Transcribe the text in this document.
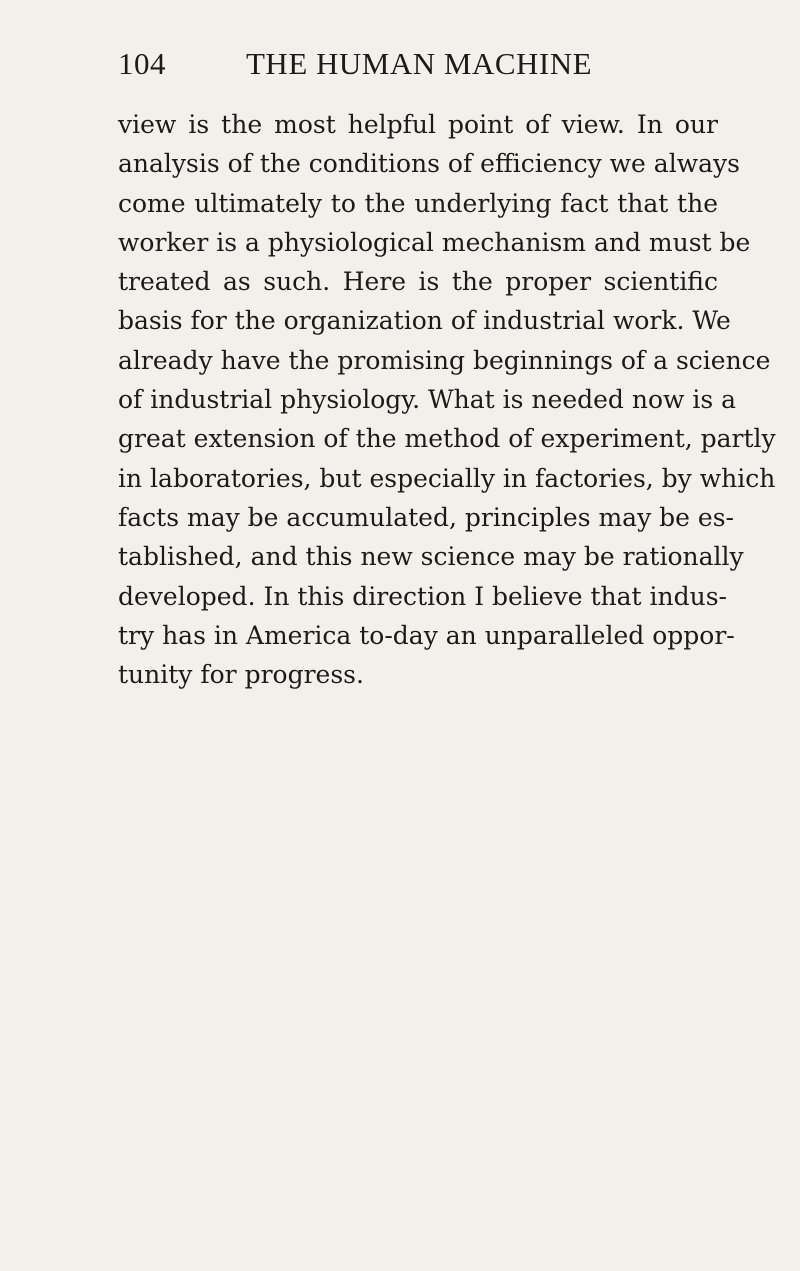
104	THE HUMAN MACHINE
view is the most helpful point of view. In our
analysis of the conditions of efficiency we always
come ultimately to the underlying fact that the
worker is a physiological mechanism and must be
treated as such. Here is the proper scientific
basis for the organization of industrial work. We
already have the promising beginnings of a science
of industrial physiology. What is needed now is a
great extension of the method of experiment, partly
in laboratories, but especially in factories, by which
facts may be accumulated, principles may be es-
tablished, and this new science may be rationally
developed. In this direction I believe that indus-
try has in America to-day an unparalleled oppor-
tunity for progress.
